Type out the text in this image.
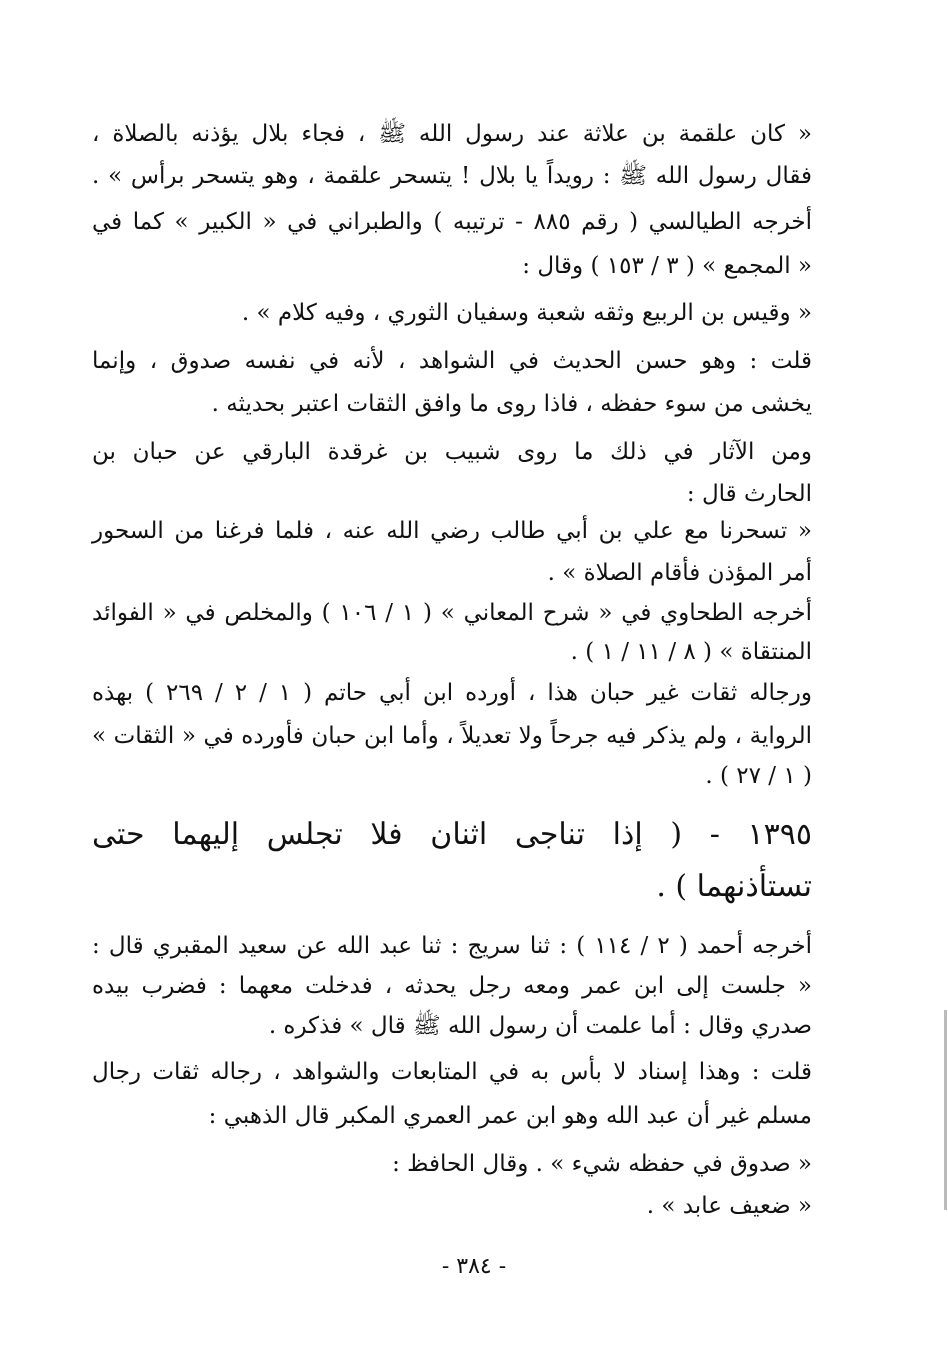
« كان علقمة بن علاثة عند رسول الله ﷺ ، فجاء بلال يؤذنه بالصلاة ،
فقال رسول الله ﷺ : رويداً يا بلال ! يتسحر علقمة ، وهو يتسحر برأس » .
أخرجه الطيالسي ( رقم ٨٨٥ - ترتيبه ) والطبراني في « الكبير » كما في
« المجمع » ( ٣ / ١٥٣ ) وقال :
« وقيس بن الربيع وثقه شعبة وسفيان الثوري ، وفيه كلام » .
قلت : وهو حسن الحديث في الشواهد ، لأنه في نفسه صدوق ، وإنما
يخشى من سوء حفظه ، فاذا روى ما وافق الثقات اعتبر بحديثه .
ومن الآثار في ذلك ما روى شبيب بن غرقدة البارقي عن حبان بن
الحارث قال :
« تسحرنا مع علي بن أبي طالب رضي الله عنه ، فلما فرغنا من السحور
أمر المؤذن فأقام الصلاة » .
أخرجه الطحاوي في « شرح المعاني » ( ١ / ١٠٦ ) والمخلص في « الفوائد
المنتقاة » ( ٨ / ١١ / ١ ) .
ورجاله ثقات غير حبان هذا ، أورده ابن أبي حاتم ( ١ / ٢ / ٢٦٩ ) بهذه
الرواية ، ولم يذكر فيه جرحاً ولا تعديلاً ، وأما ابن حبان فأورده في « الثقات »
( ١ / ٢٧ ) .
١٣٩٥ - ( إذا تناجى اثنان فلا تجلس إليهما حتى
تستأذنهما ) .
أخرجه أحمد ( ٢ / ١١٤ ) : ثنا سريج : ثنا عبد الله عن سعيد المقبري قال :
« جلست إلى ابن عمر ومعه رجل يحدثه ، فدخلت معهما : فضرب بيده
صدري وقال : أما علمت أن رسول الله ﷺ قال » فذكره .
قلت : وهذا إسناد لا بأس به في المتابعات والشواهد ، رجاله ثقات رجال
مسلم غير أن عبد الله وهو ابن عمر العمري المكبر قال الذهبي :
« صدوق في حفظه شيء » . وقال الحافظ :
« ضعيف عابد » .
- ٣٨٤ -
